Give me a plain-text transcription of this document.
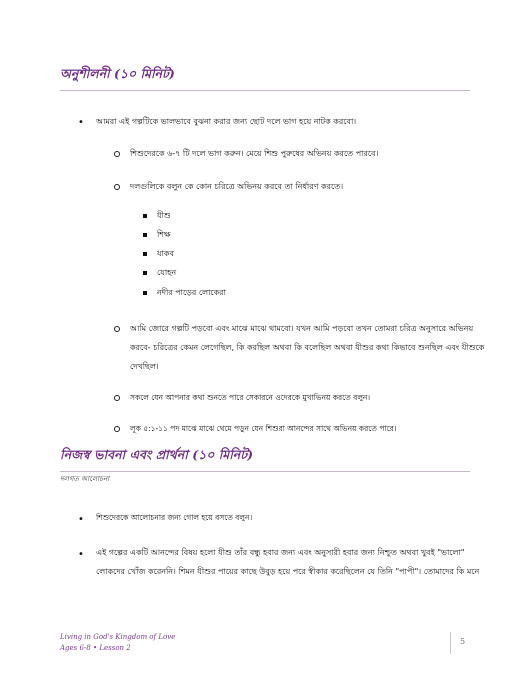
অনুশীলনী (১০ মিনিট)
• আমরা এই গল্পটিকে ভালভাবে বুঝনা করার জন্য ছোট দলে ভাগ হয়ে নাটক করবো।
শিশুদেরকে ৬-৭ টি দলে ভাগ করুন। মেয়ে শিশু পুরুষের অভিনয় করতে পারবে।
দলগুলিকে বলুন কে কোন চরিত্রে অভিনয় করবে তা নির্ধারণ করতে।
যীশু
শিক্ষ
যাকব
যোহন
নদীর পাড়ের লোকেরা
আমি জোরে গল্পটি পড়বো এবং মাঝে মাঝে থামবো। যখন আমি পড়বো তখন তোমরা চরিত্র অনুসারে অভিনয়
করবে- চরিত্রের কেমন লেগেছিল, কি করছিল অথবা কি বলেছিল অথবা যীশুর কথা কিভাবে শুনছিল এবং যীশুকে
দেখছিল।
সকলে যেন আপনার কথা শুনতে পারে সেকারনে ওদেরকে মুখাভিনয় করতে বলুন।
লূক ৫:১-১১ পদ মাঝে মাঝে থেমে পড়ুন যেন শিশুরা আনন্দের সাথে অভিনয় করতে পারে।
নিজস্ব ভাবনা এবং প্রার্থনা (১০ মিনিট)
দলগত আলোচনা
• শিশুদেরকে আলোচনার জন্য গোল হয়ে বসতে বলুন।
• এই গল্পের একটি আনন্দের বিষয় হলো যীশু তাঁর বন্ধু হবার জন্য এবং অনুসারী হবার জন্য নিশ্চুত অথবা খুবই "ভালো"
লোকদের খোঁজ করেননি। শিমন যীশুর পায়ের কাছে উবুড় হয়ে পরে স্বীকার করেছিলেন যে তিনি "পাপী"। তোমাদের কি মনে
Living in God's Kingdom of Love
Ages 6-8 • Lesson 2
5
